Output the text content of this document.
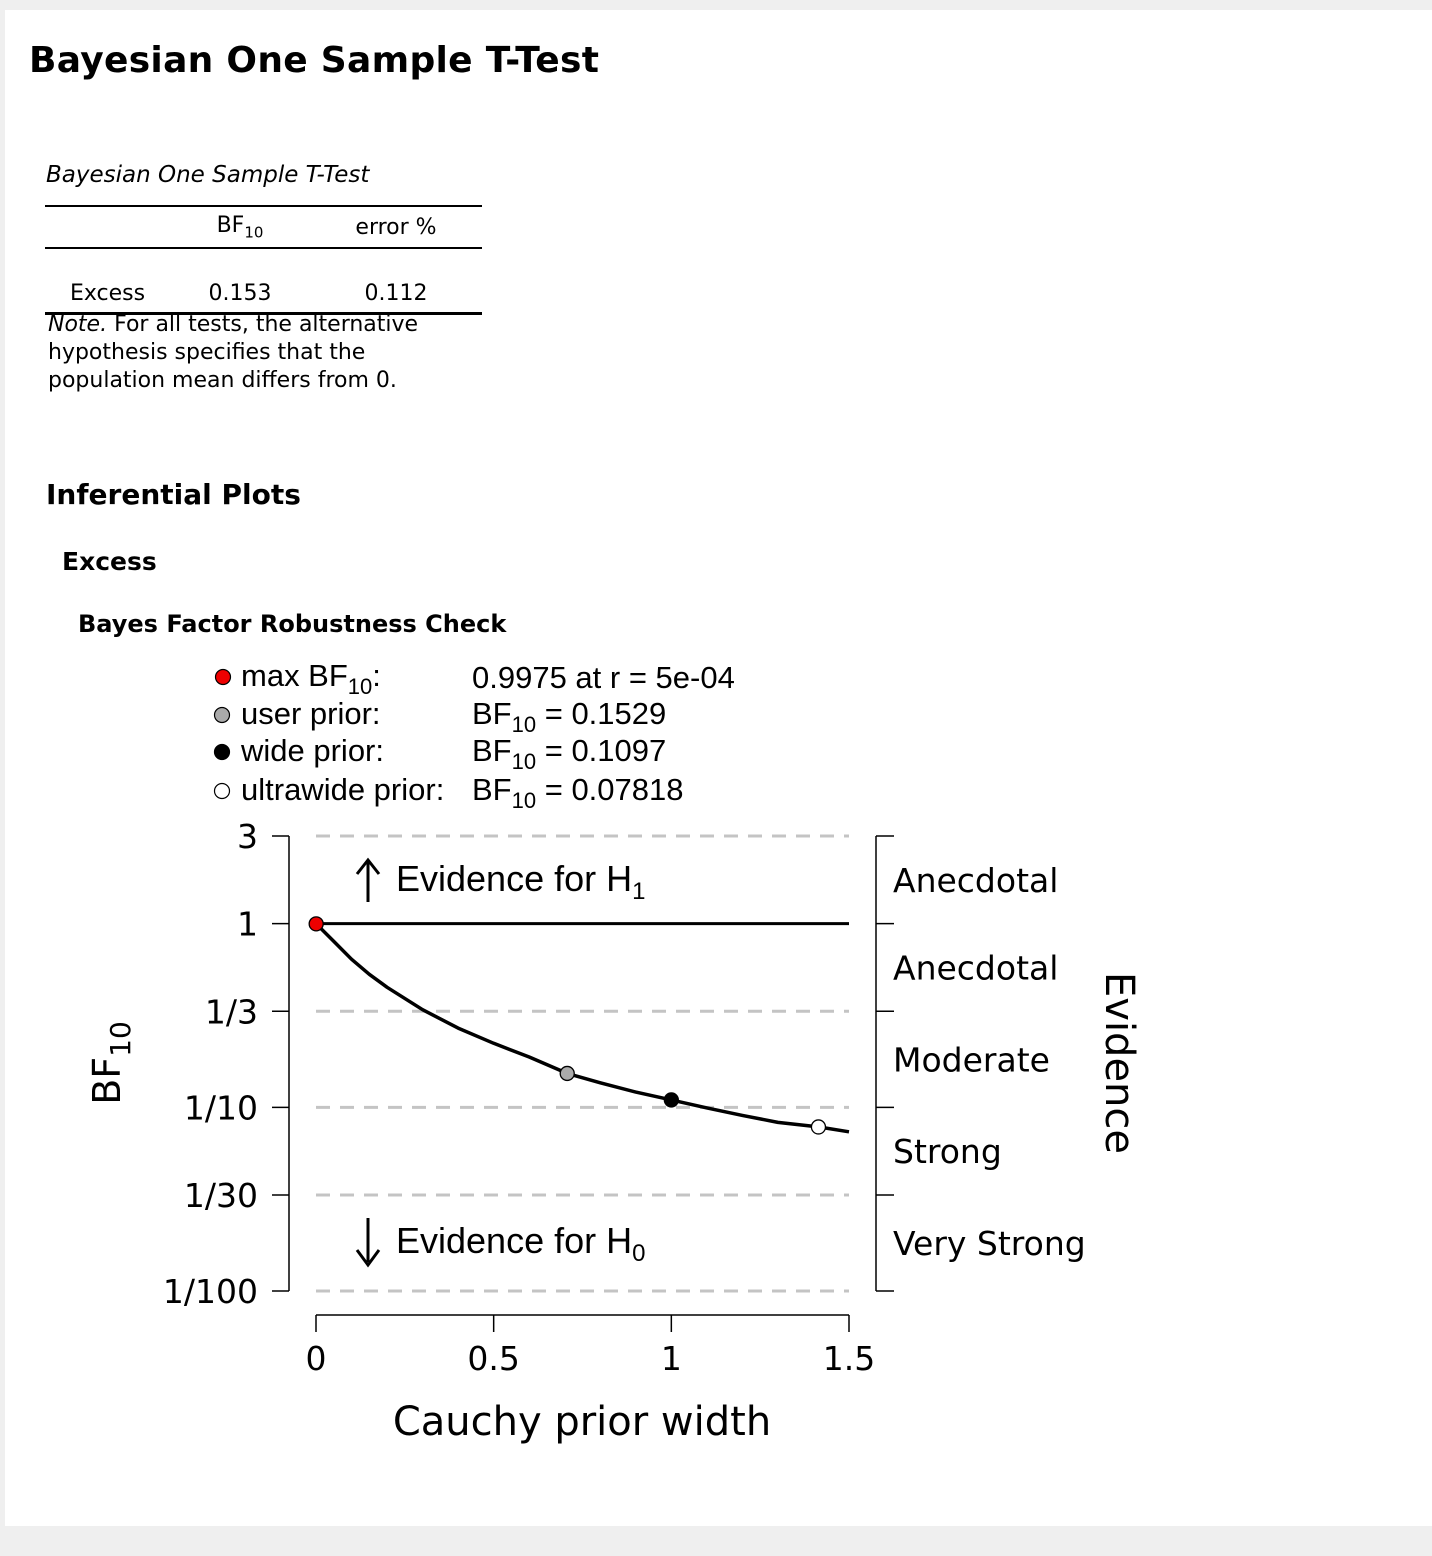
Bayesian One Sample T-Test
Bayesian One Sample T-Test
	$BF_{10}$	error %
Excess	0.153	0.112
Note. For all tests, the alternative hypothesis specifies that the population mean differs from 0.
Inferential Plots
Excess
Bayes Factor Robustness Check
$\max BF_{10}$:	0.9975 at r = 5e-04
user prior:	$BF_{10} = 0.1529$
wide prior:	$BF_{10} = 0.1097$
ultrawide prior: $BF_{10} = 0.07818$
3
1
1/3
1/10
1/30
1/100
0	0.5	1	1.5
Anecdotal
Anecdotal
Moderate
Strong
Very Strong
Evidence for $H_1$
Evidence for $H_0$
Cauchy prior width
$BF_{10}$	Evidence
